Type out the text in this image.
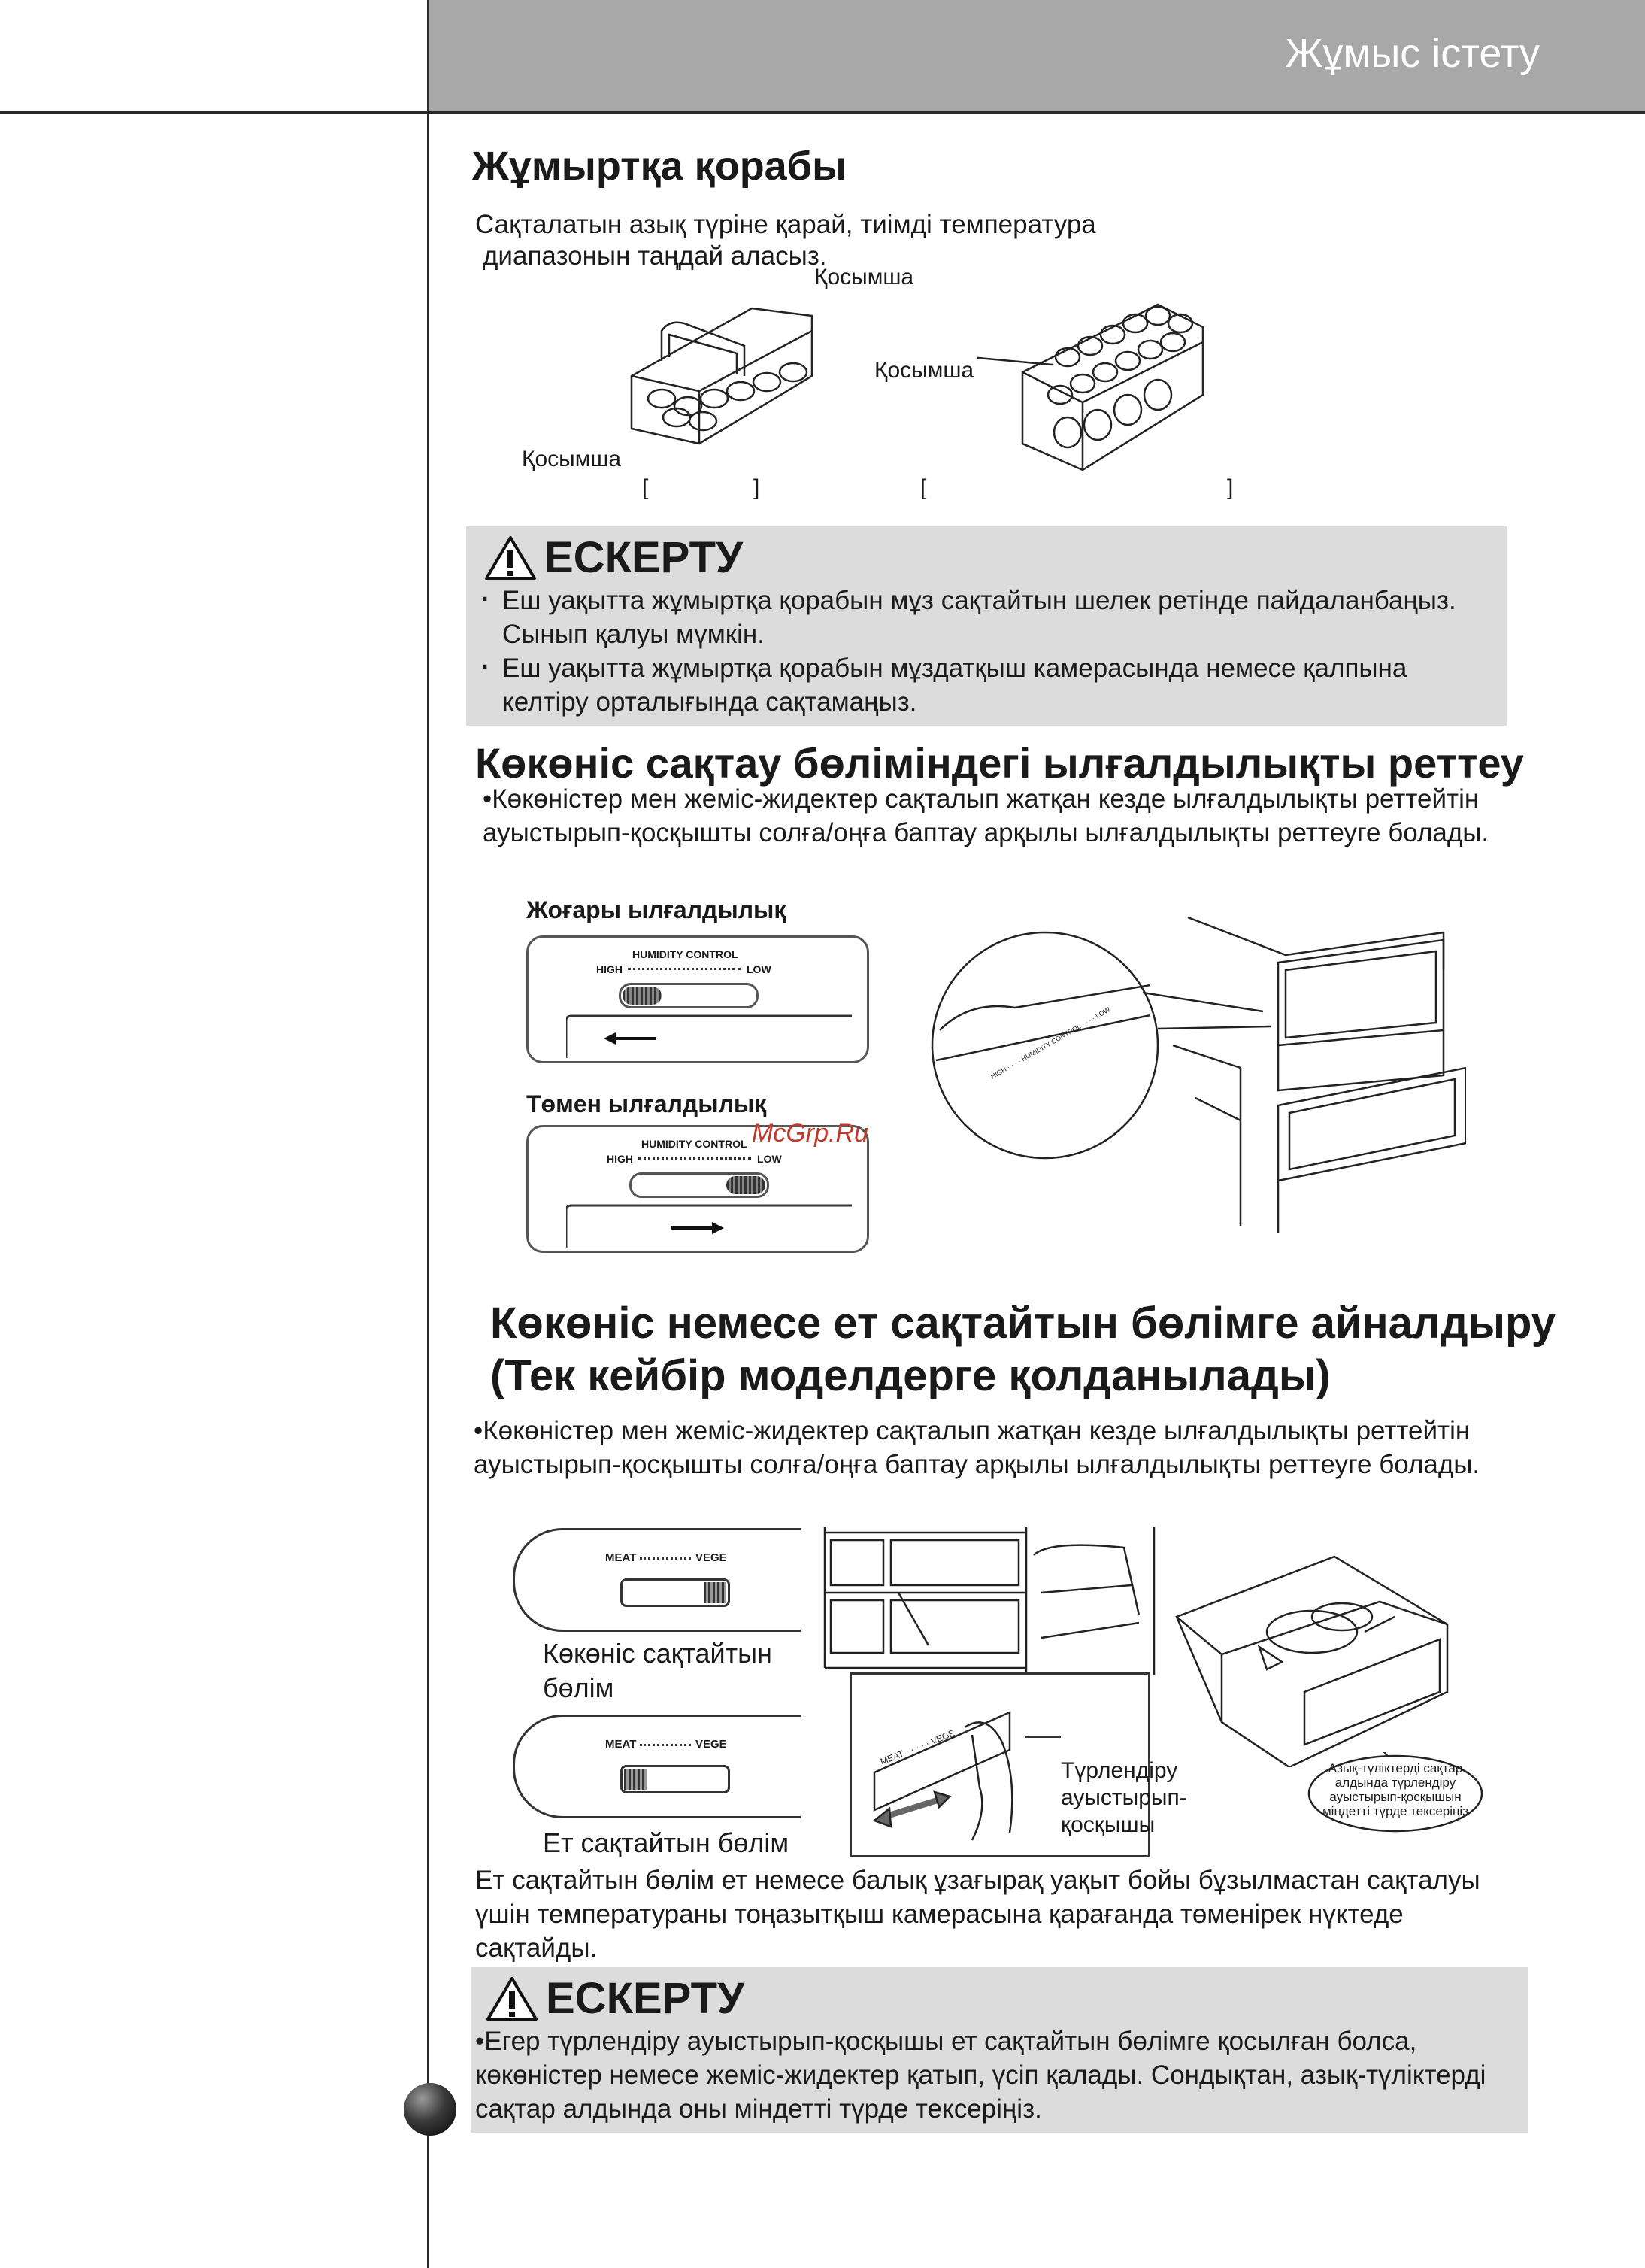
Жұмыс істету
Жұмыртқа қорабы
Сақталатын азық түріне қарай, тиімді температура
диапазонын таңдай аласыз.
Қосымша
Қосымша
Қосымша
[	]	[	]
ЕСКЕРТУ
· Еш уақытта жұмыртқа қорабын мұз сақтайтын шелек ретінде пайдаланбаңыз. Сынып қалуы мүмкін.
· Еш уақытта жұмыртқа қорабын мұздатқыш камерасында немесе қалпына келтіру орталығында сақтамаңыз.
Көкөніс сақтау бөліміндегі ылғалдылықты реттеу
•Көкөністер мен жеміс-жидектер сақталып жатқан кезде ылғалдылықты реттейтін ауыстырып-қосқышты солға/оңға баптау арқылы ылғалдылықты реттеуге болады.
Жоғары ылғалдылық
Төмен ылғалдылық
HUMIDITY CONTROL
HIGH	LOW
HUMIDITY CONTROL
HIGH	LOW
McGrp.Ru
HIGH · · · · HUMIDITY CONTROL · · · · LOW
Көкөніс немесе ет сақтайтын бөлімге айналдыру
(Тек кейбір моделдерге қолданылады)
•Көкөністер мен жеміс-жидектер сақталып жатқан кезде ылғалдылықты реттейтін ауыстырып-қосқышты солға/оңға баптау арқылы ылғалдылықты реттеуге болады.
MEAT	VEGE
Көкөніс сақтайтын бөлім
MEAT	VEGE
Ет сақтайтын бөлім
MEAT · · · · · VEGE
Түрлендіру ауыстырып-қосқышы
Азық-түліктерді сақтар алдында түрлендіру ауыстырып-қосқышын міндетті түрде тексеріңіз
Ет сақтайтын бөлім ет немесе балық ұзағырақ уақыт бойы бұзылмастан сақталуы үшін температураны тоңазытқыш камерасына қарағанда төменірек нүктеде сақтайды.
ЕСКЕРТУ
•Егер түрлендіру ауыстырып-қосқышы ет сақтайтын бөлімге қосылған болса, көкөністер немесе жеміс-жидектер қатып, үсіп қалады. Сондықтан, азық-түліктерді сақтар алдында оны міндетті түрде тексеріңіз.
